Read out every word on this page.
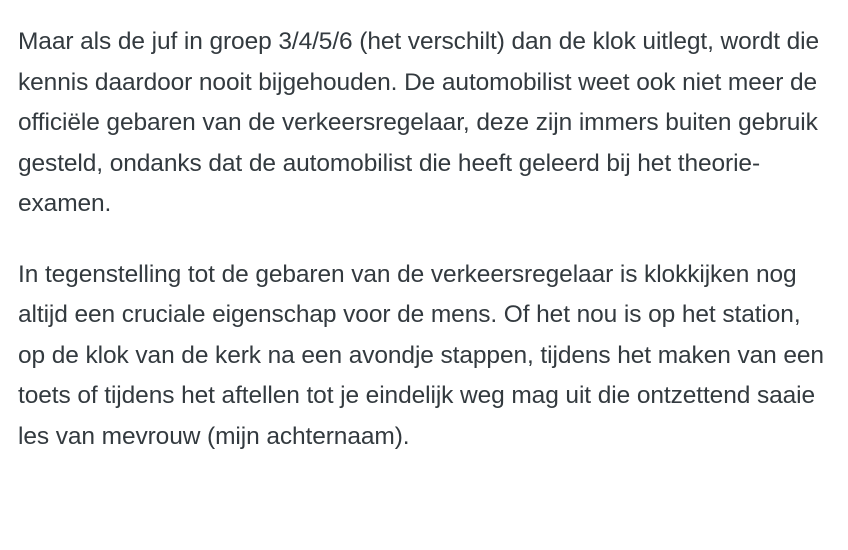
Maar als de juf in groep 3/4/5/6 (het verschilt) dan de klok uitlegt, wordt die kennis daardoor nooit bijgehouden. De automobilist weet ook niet meer de officiële gebaren van de verkeersregelaar, deze zijn immers buiten gebruik gesteld, ondanks dat de automobilist die heeft geleerd bij het theorie-examen.

In tegenstelling tot de gebaren van de verkeersregelaar is klokkijken nog altijd een cruciale eigenschap voor de mens. Of het nou is op het station, op de klok van de kerk na een avondje stappen, tijdens het maken van een toets of tijdens het aftellen tot je eindelijk weg mag uit die ontzettend saaie les van mevrouw (mijn achternaam).
